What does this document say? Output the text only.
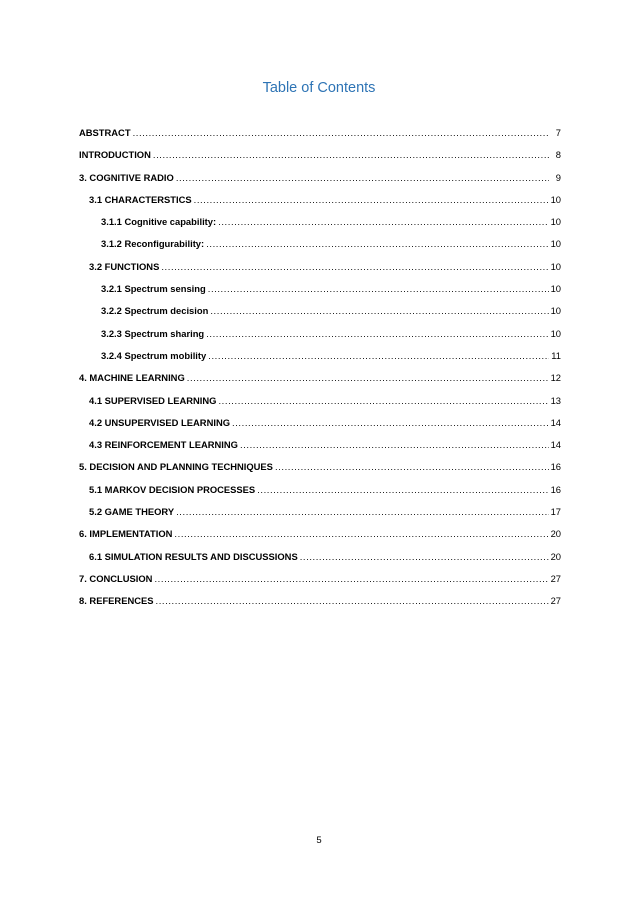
Table of Contents
ABSTRACT .....	7
INTRODUCTION .....	8
3. COGNITIVE RADIO .....	9
3.1 CHARACTERSTICS .....	10
3.1.1 Cognitive capability: .....	10
3.1.2 Reconfigurability: .....	10
3.2 FUNCTIONS .....	10
3.2.1 Spectrum sensing .....	10
3.2.2 Spectrum decision .....	10
3.2.3 Spectrum sharing .....	10
3.2.4 Spectrum mobility .....	11
4. MACHINE LEARNING .....	12
4.1 SUPERVISED LEARNING .....	13
4.2 UNSUPERVISED LEARNING .....	14
4.3 REINFORCEMENT LEARNING .....	14
5. DECISION AND PLANNING TECHNIQUES .....	16
5.1 MARKOV DECISION PROCESSES .....	16
5.2 GAME THEORY .....	17
6. IMPLEMENTATION .....	20
6.1 SIMULATION RESULTS AND DISCUSSIONS .....	20
7. CONCLUSION .....	27
8. REFERENCES .....	27
5
